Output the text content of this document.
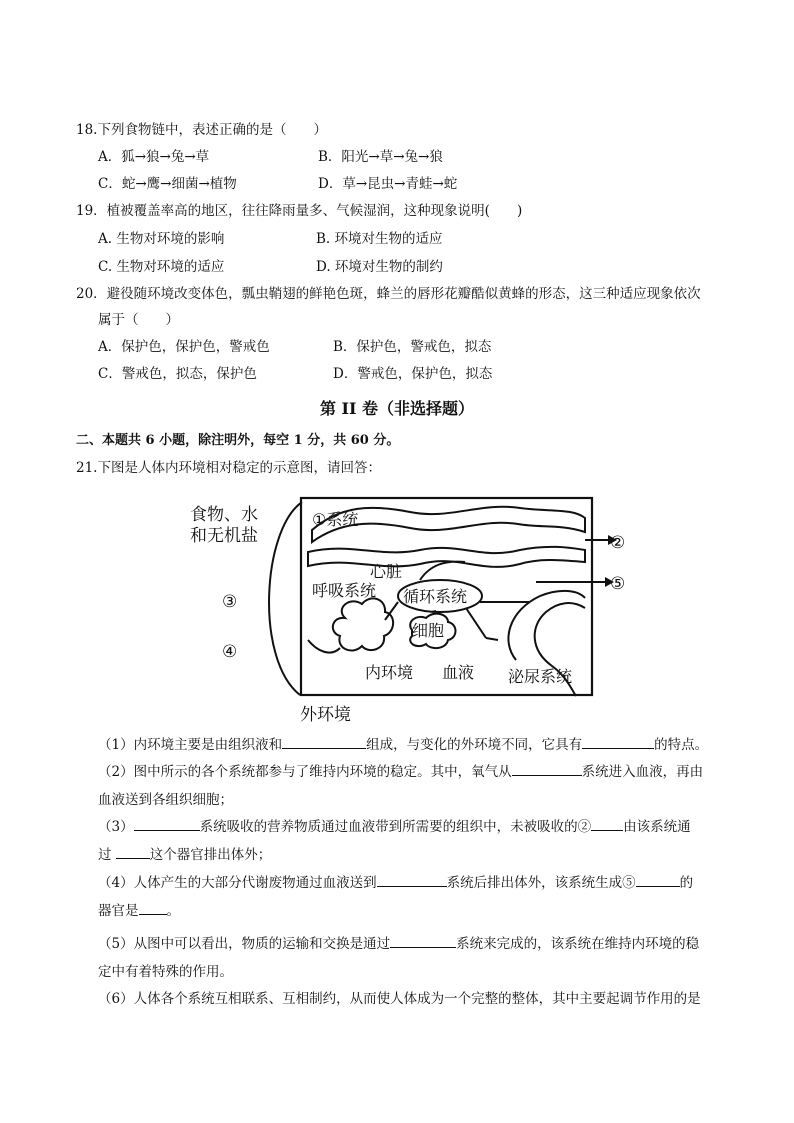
18.下列食物链中，表述正确的是（　　）
A．狐→狼→兔→草	B．阳光→草→兔→狼
C．蛇→鹰→细菌→植物	D．草→昆虫→青蛙→蛇
19．植被覆盖率高的地区，往往降雨量多、气候湿润，这种现象说明(　　)
A. 生物对环境的影响	B. 环境对生物的适应
C. 生物对环境的适应	D. 环境对生物的制约
20．避役随环境改变体色，瓢虫鞘翅的鲜艳色斑，蜂兰的唇形花瓣酷似黄蜂的形态，这三种适应现象依次
属于（　　）
A．保护色，保护色，警戒色	B．保护色，警戒色，拟态
C．警戒色，拟态，保护色	D．警戒色，保护色，拟态
第 II 卷（非选择题）
二、本题共 6 小题，除注明外，每空 1 分，共 60 分。
21.下图是人体内环境相对稳定的示意图，请回答：
食物、水
和无机盐
③
④
①系统
②
心脏
循环系统
⑤
呼吸系统
细胞
内环境 血液 泌尿系统
外环境
（1）内环境主要是由组织液和	组成，与变化的外环境不同，它具有	的特点。
（2）图中所示的各个系统都参与了维持内环境的稳定。其中，氧气从	系统进入血液，再由
血液送到各组织细胞；
（3）	系统吸收的营养物质通过血液带到所需要的组织中，未被吸收的② 由该系统通
过	这个器官排出体外；
（4）人体产生的大部分代谢废物通过血液送到	系统后排出体外，该系统生成⑤	的
器官是 。
（5）从图中可以看出，物质的运输和交换是通过	系统来完成的，该系统在维持内环境的稳
定中有着特殊的作用。
（6）人体各个系统互相联系、互相制约，从而使人体成为一个完整的整体，其中主要起调节作用的是
